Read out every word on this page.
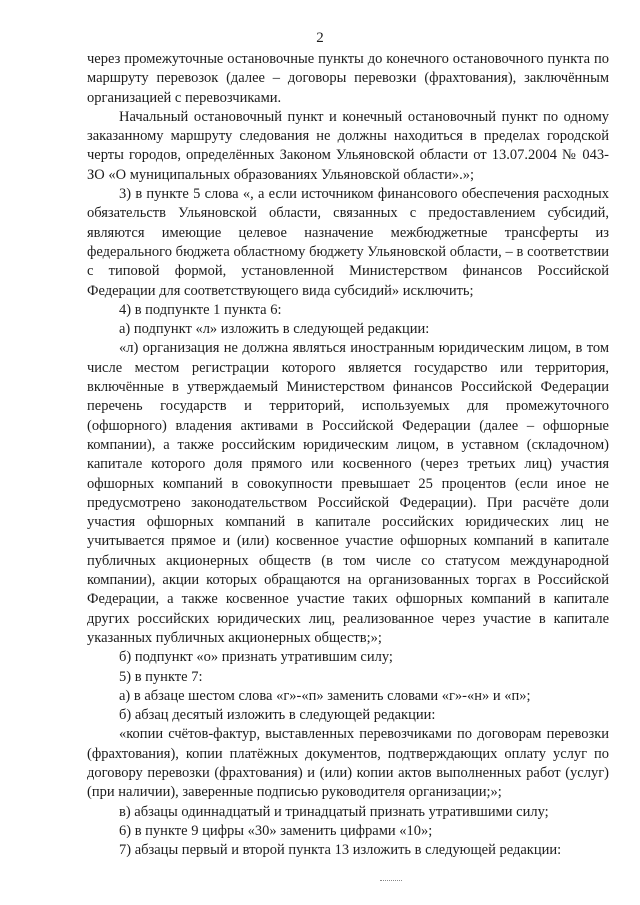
2

через промежуточные остановочные пункты до конечного остановочного пункта по маршруту перевозок (далее – договоры перевозки (фрахтования), заключённым организацией с перевозчиками.

Начальный остановочный пункт и конечный остановочный пункт по одному заказанному маршруту следования не должны находиться в пределах городской черты городов, определённых Законом Ульяновской области от 13.07.2004 № 043-ЗО «О муниципальных образованиях Ульяновской области».»;

3) в пункте 5 слова «, а если источником финансового обеспечения расходных обязательств Ульяновской области, связанных с предоставлением субсидий, являются имеющие целевое назначение межбюджетные трансферты из федерального бюджета областному бюджету Ульяновской области, – в соответствии с типовой формой, установленной Министерством финансов Российской Федерации для соответствующего вида субсидий» исключить;

4) в подпункте 1 пункта 6:

а) подпункт «л» изложить в следующей редакции:

«л) организация не должна являться иностранным юридическим лицом, в том числе местом регистрации которого является государство или территория, включённые в утверждаемый Министерством финансов Российской Федерации перечень государств и территорий, используемых для промежуточного (офшорного) владения активами в Российской Федерации (далее – офшорные компании), а также российским юридическим лицом, в уставном (складочном) капитале которого доля прямого или косвенного (через третьих лиц) участия офшорных компаний в совокупности превышает 25 процентов (если иное не предусмотрено законодательством Российской Федерации). При расчёте доли участия офшорных компаний в капитале российских юридических лиц не учитывается прямое и (или) косвенное участие офшорных компаний в капитале публичных акционерных обществ (в том числе со статусом международной компании), акции которых обращаются на организованных торгах в Российской Федерации, а также косвенное участие таких офшорных компаний в капитале других российских юридических лиц, реализованное через участие в капитале указанных публичных акционерных обществ;»;

б) подпункт «о» признать утратившим силу;

5) в пункте 7:

а) в абзаце шестом слова «г»-«п» заменить словами «г»-«н» и «п»;

б) абзац десятый изложить в следующей редакции:

«копии счётов-фактур, выставленных перевозчиками по договорам перевозки (фрахтования), копии платёжных документов, подтверждающих оплату услуг по договору перевозки (фрахтования) и (или) копии актов выполненных работ (услуг) (при наличии), заверенные подписью руководителя организации;»;

в) абзацы одиннадцатый и тринадцатый признать утратившими силу;

6) в пункте 9 цифры «30» заменить цифрами «10»;

7) абзацы первый и второй пункта 13 изложить в следующей редакции:
